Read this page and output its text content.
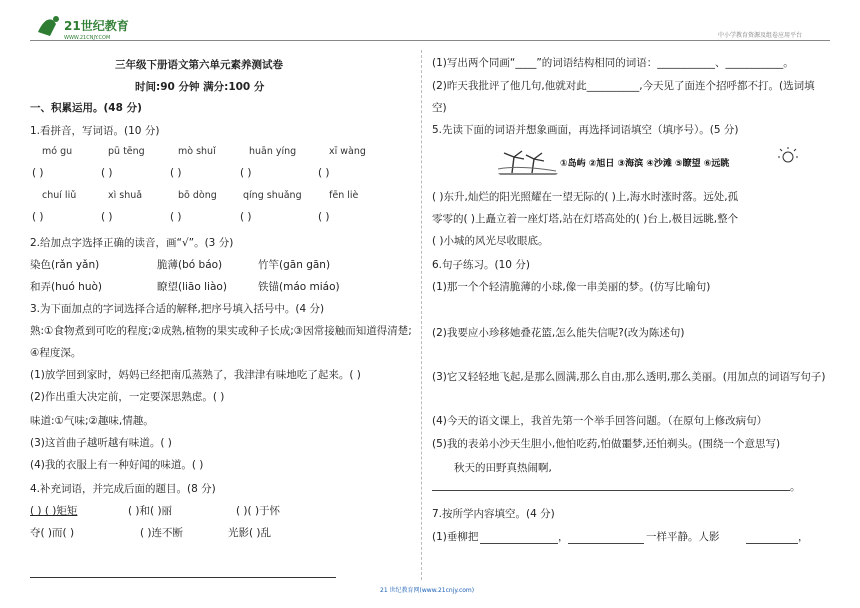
21世纪教育
WWW.21CNJY.COM	中小学教育资源及组卷应用平台
三年级下册语文第六单元素养测试卷
时间:90 分钟 满分:100 分
一、积累运用。(48 分)
1.看拼音，写词语。(10 分)
mó gu	pū tēng	mò shuǐ	huān yíng	xī wàng
( )	( )	( )	( )	( )
chuí liǔ	xì shuǎ	bō dòng	qíng shuǎng	fēn liè
( )	( )	( )	( )	( )
2.给加点字选择正确的读音，画“√”。(3 分)
染色(rǎn yǎn)	脆薄(bó báo)	竹竿(gān gān)
和弄(huó huò)	瞭望(liāo liào)	铁锚(máo miáo)
3.为下面加点的字词选择合适的解释,把序号填入括号中。(4 分)
熟:①食物煮到可吃的程度;②成熟,植物的果实或种子长成;③因常接触而知道得清楚;
④程度深。
(1)放学回到家时，妈妈已经把南瓜蒸熟了，我津津有味地吃了起来。( )
(2)作出重大决定前，一定要深思熟虑。( )
味道:①气味;②趣味,情趣。
(3)这首曲子越听越有味道。( )
(4)我的衣服上有一种好闻的味道。( )
4.补充词语，并完成后面的题目。(8 分)
( ) ( )矩矩	( )和( )丽	( )( )于怀
夺( )而( )	( )连不断	光影( )乱
(1)写出两个同画“____”的词语结构相同的词语：___________、___________。
(2)昨天我批评了他几句,他就对此__________,今天见了面连个招呼都不打。(选词填
空)
5.先读下面的词语并想象画面，再选择词语填空（填序号）。(5 分)
①岛屿 ②旭日 ③海滨 ④沙滩 ⑤瞭望 ⑥远眺
( )东升,灿烂的阳光照耀在一望无际的( )上,海水时涨时落。远处,孤
零零的( )上矗立着一座灯塔,站在灯塔高处的( )台上,极目远眺,整个
( )小城的风光尽收眼底。
6.句子练习。(10 分)
(1)那一个个轻清脆薄的小球,像一串美丽的梦。(仿写比喻句)
(2)我要应小珍移她叠花篮,怎么能失信呢?(改为陈述句)
(3)它又轻轻地飞起,是那么圆满,那么自由,那么透明,那么美丽。(用加点的词语写句子)
(4)今天的语文课上，我首先第一个举手回答问题。（在原句上修改病句）
(5)我的表弟小沙天生胆小,他怕吃药,怕做噩梦,还怕剃头。(围绕一个意思写)
秋天的田野真热闹啊,
。
7.按所学内容填空。(4 分)
(1)垂柳把	，	一样平静。人影	，
21 世纪教育网(www.21cnjy.com)
